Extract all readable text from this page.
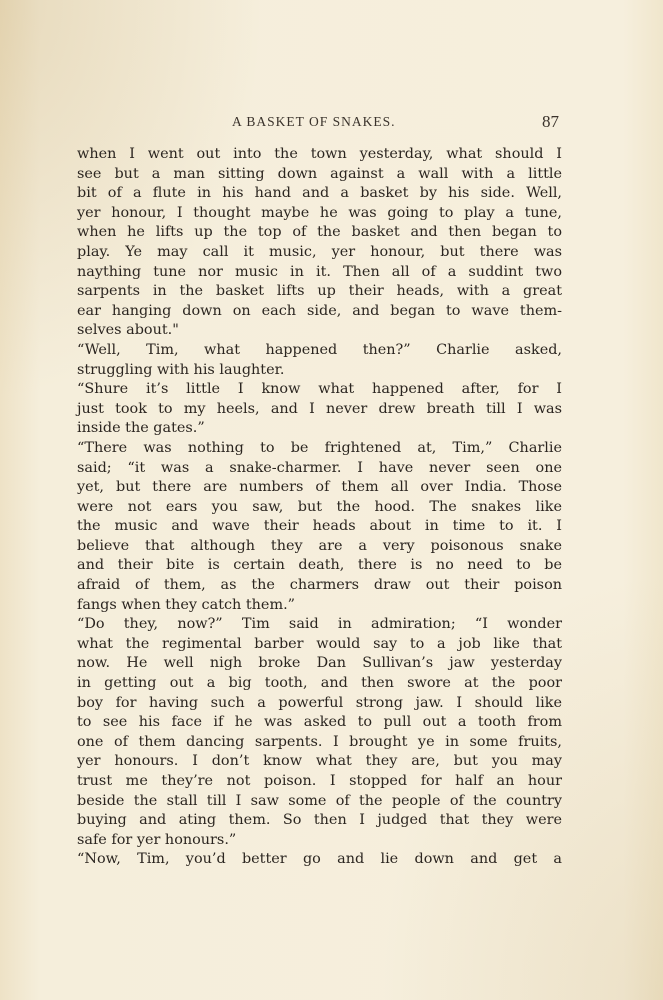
A BASKET OF SNAKES.	87
when I went out into the town yesterday, what should I
see but a man sitting down against a wall with a little
bit of a flute in his hand and a basket by his side. Well,
yer honour, I thought maybe he was going to play a tune,
when he lifts up the top of the basket and then began to
play. Ye may call it music, yer honour, but there was
naything tune nor music in it. Then all of a suddint two
sarpents in the basket lifts up their heads, with a great
ear hanging down on each side, and began to wave them-
selves about."
“Well, Tim, what happened then?” Charlie asked,
struggling with his laughter.
“Shure it’s little I know what happened after, for I
just took to my heels, and I never drew breath till I was
inside the gates.”
“There was nothing to be frightened at, Tim,” Charlie
said; “it was a snake-charmer. I have never seen one
yet, but there are numbers of them all over India. Those
were not ears you saw, but the hood. The snakes like
the music and wave their heads about in time to it. I
believe that although they are a very poisonous snake
and their bite is certain death, there is no need to be
afraid of them, as the charmers draw out their poison
fangs when they catch them.”
“Do they, now?” Tim said in admiration; “I wonder
what the regimental barber would say to a job like that
now. He well nigh broke Dan Sullivan’s jaw yesterday
in getting out a big tooth, and then swore at the poor
boy for having such a powerful strong jaw. I should like
to see his face if he was asked to pull out a tooth from
one of them dancing sarpents. I brought ye in some fruits,
yer honours. I don’t know what they are, but you may
trust me they’re not poison. I stopped for half an hour
beside the stall till I saw some of the people of the country
buying and ating them. So then I judged that they were
safe for yer honours.”
“Now, Tim, you’d better go and lie down and get a
